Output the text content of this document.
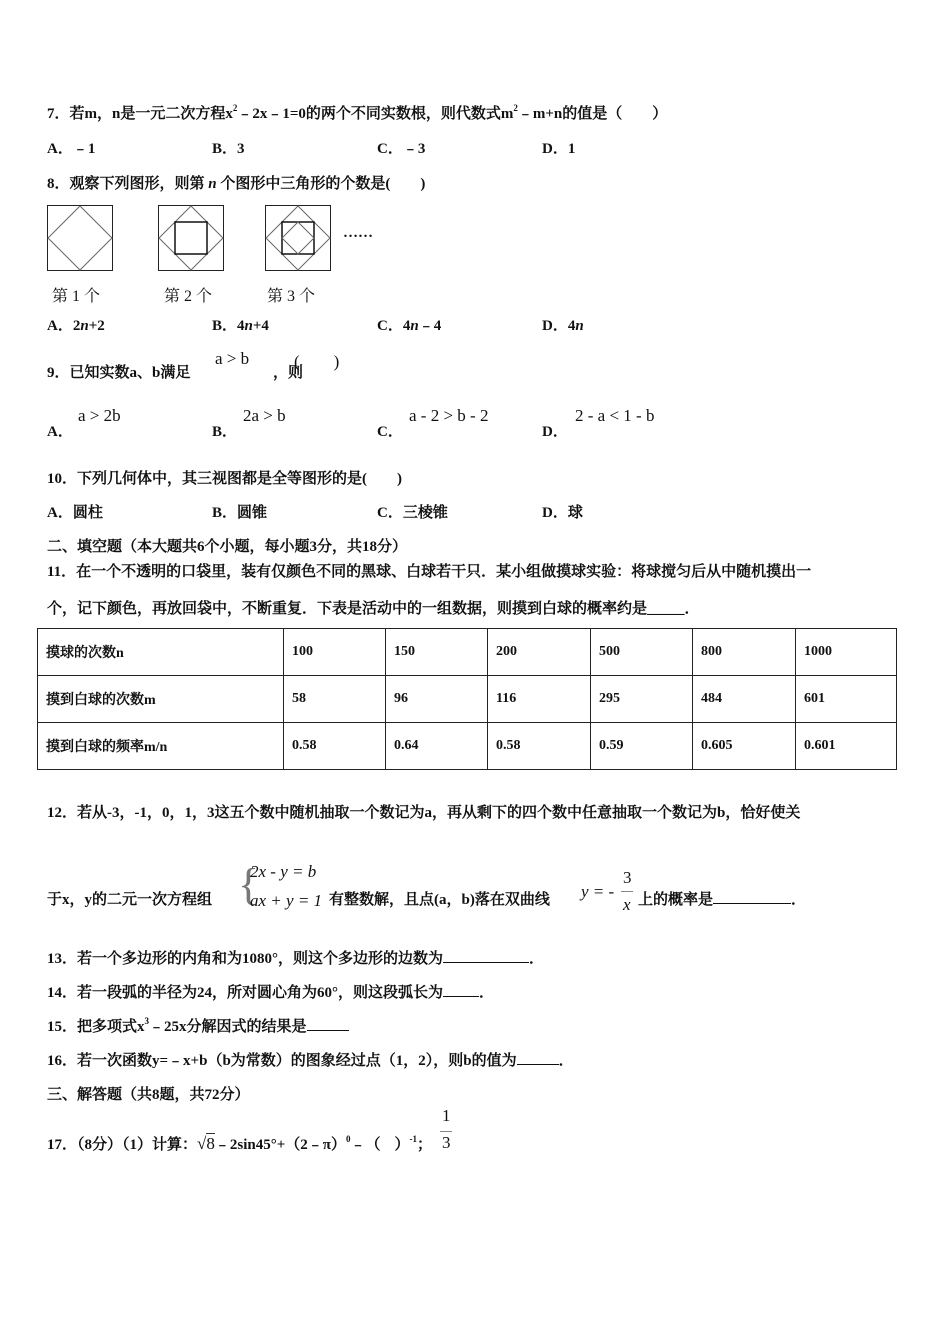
7．若m，n是一元二次方程$x^2﹣2x﹣1=0$的两个不同实数根，则代数式$m^2﹣m+n$的值是（　　）
A．﹣1	B．3	C．﹣3	D．1
8．观察下列图形，则第 n 个图形中三角形的个数是(　　)
……
第 1 个	第 2 个	第 3 个
A．2n+2	B．4n+4	C．4n﹣4	D．4n
9．已知实数a、b满足
a > b
，则
(　　)
A．
a > 2b
B．
2a > b
C．
a - 2 > b - 2
D．
2 - a < 1 - b
10．下列几何体中，其三视图都是全等图形的是(　　)
A．圆柱	B．圆锥	C．三棱锥	D．球
二、填空题（本大题共6个小题，每小题3分，共18分）
11．在一个不透明的口袋里，装有仅颜色不同的黑球、白球若干只．某小组做摸球实验：将球搅匀后从中随机摸出一
个，记下颜色，再放回袋中，不断重复．下表是活动中的一组数据，则摸到白球的概率约是_____．
摸球的次数n	100	150	200	500	800	1000
摸到白球的次数m	58	96	116	295	484	601
摸到白球的频率m/n	0.58	0.64	0.58	0.59	0.605	0.601
12．若从-3，-1，0，1，3这五个数中随机抽取一个数记为a，再从剩下的四个数中任意抽取一个数记为b，恰好使关
于x，y的二元一次方程组 {
2x - y = b
ax + y = 1 有整数解，且点(a，b)落在双曲线 y = -
3
x 上的概率是	．
13．若一个多边形的内角和为1080°，则这个多边形的边数为	．
14．若一段弧的半径为24，所对圆心角为60°，则这段弧长为 ．
15．把多项式$x^3﹣25x$分解因式的结果是
16．若一次函数y=﹣x+b（b为常数）的图象经过点（1，2），则b的值为	．
三、解答题（共8题，共72分）
17．（8分）（1）计算：√8﹣2sin45°+（2﹣π）$^0$﹣（ ）$^{-1}$；
1
3
